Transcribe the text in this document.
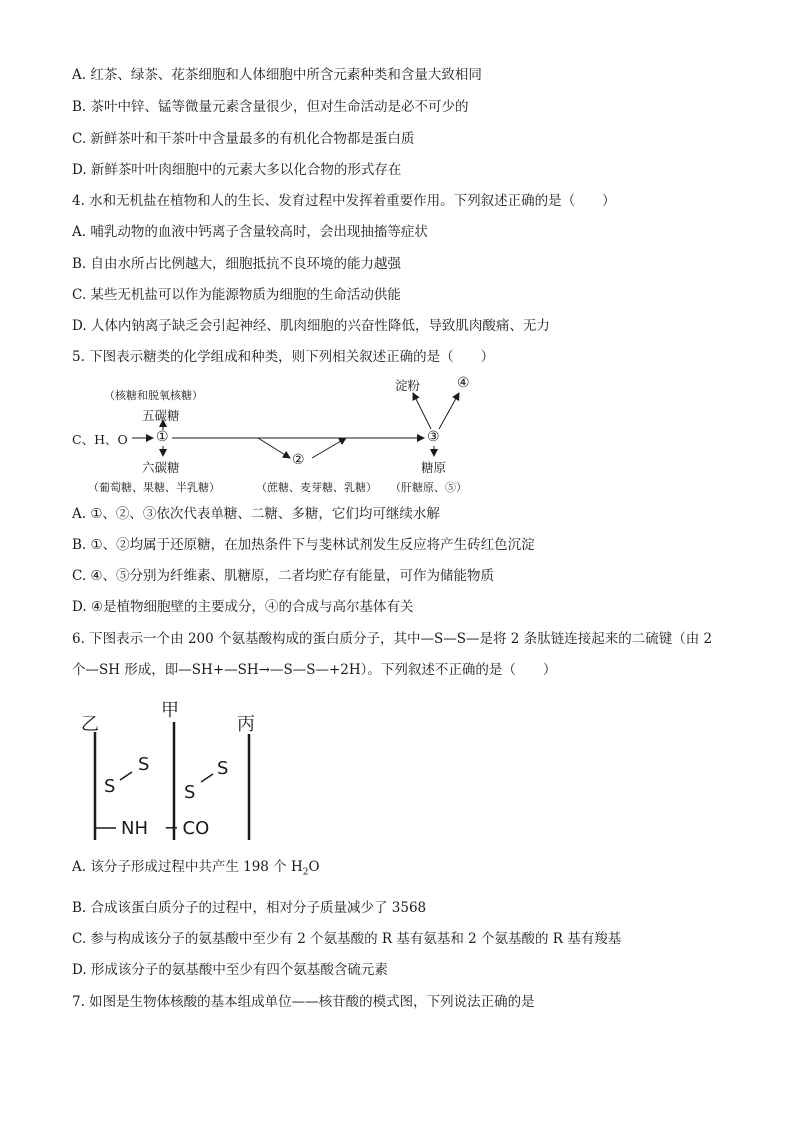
A. 红茶、绿茶、花茶细胞和人体细胞中所含元素种类和含量大致相同
B. 茶叶中锌、锰等微量元素含量很少，但对生命活动是必不可少的
C. 新鲜茶叶和干茶叶中含量最多的有机化合物都是蛋白质
D. 新鲜茶叶叶肉细胞中的元素大多以化合物的形式存在
4. 水和无机盐在植物和人的生长、发育过程中发挥着重要作用。下列叙述正确的是（　　）
A. 哺乳动物的血液中钙离子含量较高时，会出现抽搐等症状
B. 自由水所占比例越大，细胞抵抗不良环境的能力越强
C. 某些无机盐可以作为能源物质为细胞的生命活动供能
D. 人体内钠离子缺乏会引起神经、肌肉细胞的兴奋性降低，导致肌肉酸痛、无力
5. 下图表示糖类的化学组成和种类，则下列相关叙述正确的是（　　）
（核糖和脱氧核糖）
五碳糖
C、H、O ①
②
③
④
淀粉
六碳糖	糖原
（葡萄糖、果糖、半乳糖）	（蔗糖、麦芽糖、乳糖） （肝糖原、⑤）
A. ①、②、③依次代表单糖、二糖、多糖，它们均可继续水解
B. ①、②均属于还原糖，在加热条件下与斐林试剂发生反应将产生砖红色沉淀
C. ④、⑤分别为纤维素、肌糖原，二者均贮存有能量，可作为储能物质
D. ④是植物细胞壁的主要成分，④的合成与高尔基体有关
6. 下图表示一个由 200 个氨基酸构成的蛋白质分子，其中—S—S—是将 2 条肽链连接起来的二硫键（由 2
个—SH 形成，即—SH+—SH→—S—S—+2H）。下列叙述不正确的是（　　）
乙
甲
丙
S
S
S
S
NH ─ CO
A. 该分子形成过程中共产生 198 个 $H_2O$
B. 合成该蛋白质分子的过程中，相对分子质量减少了 3568
C. 参与构成该分子的氨基酸中至少有 2 个氨基酸的 R 基有氨基和 2 个氨基酸的 R 基有羧基
D. 形成该分子的氨基酸中至少有四个氨基酸含硫元素
7. 如图是生物体核酸的基本组成单位——核苷酸的模式图，下列说法正确的是
